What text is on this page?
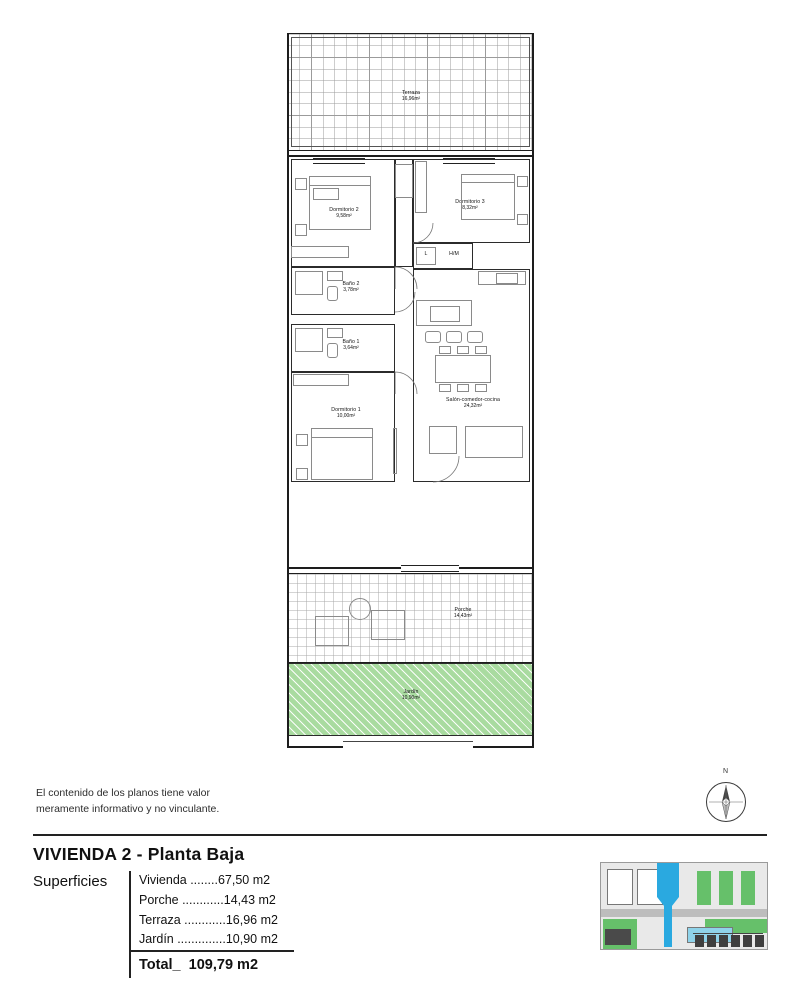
Terraza
16,96m²
Dormitorio 2
9,58m²
Dormitorio 3
8,32m²
Baño 2
3,78m²
Baño 1
3,64m²
Dormitorio 1
10,00m²
L	H/M
Salón-comedor-cocina
24,32m²
Porche
14,43m²
Jardín
10,90m²
El contenido de los planos tiene valor
meramente informativo y no vinculante.
N
VIVIENDA 2 - Planta Baja
Superficies	Vivienda ........67,50 m2
Porche ............14,43 m2
Terraza ............16,96 m2
Jardín ..............10,90 m2
Total_  109,79 m2
